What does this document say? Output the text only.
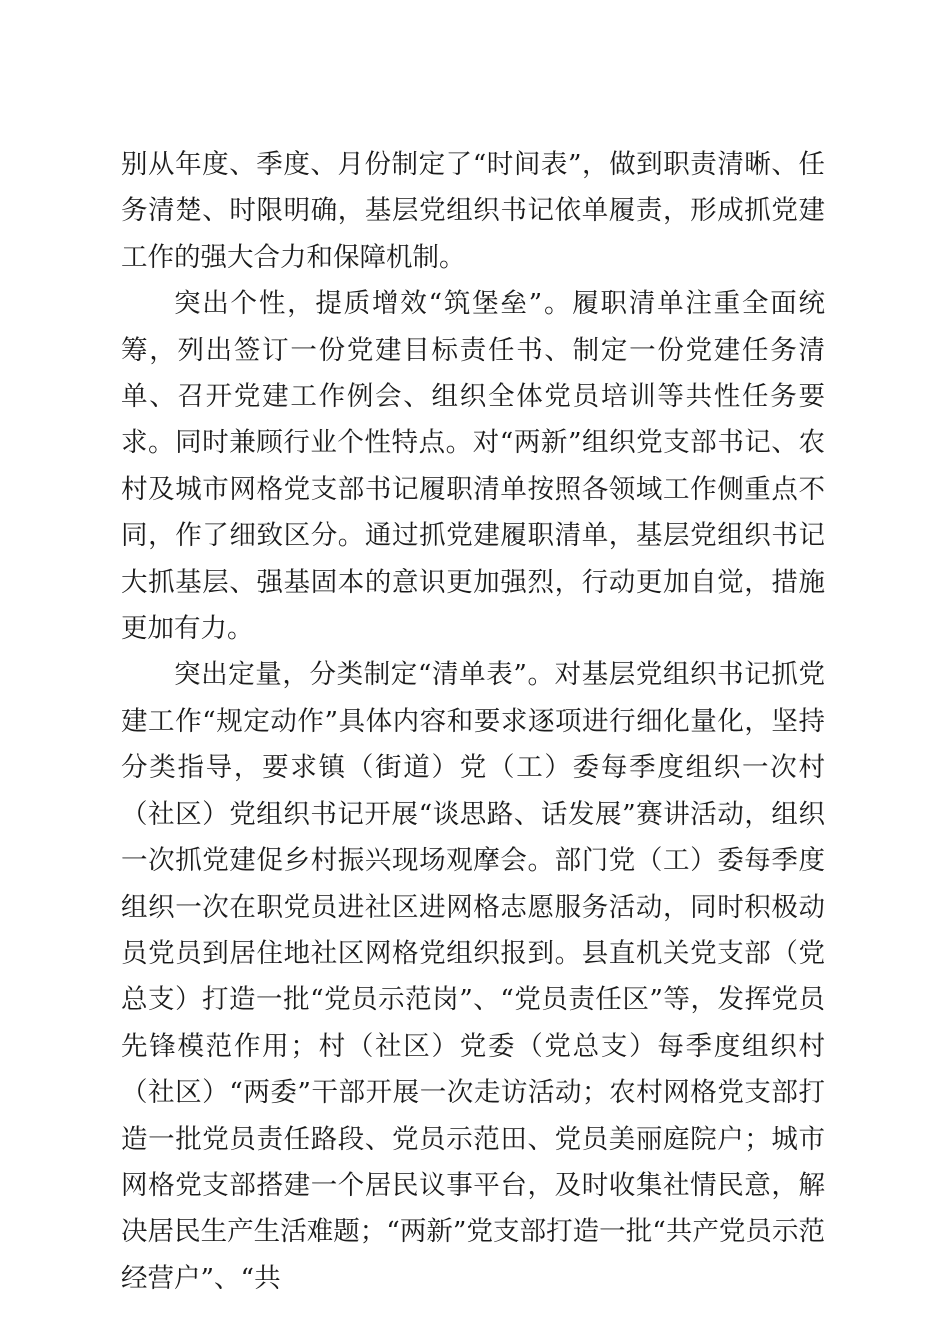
别从年度、季度、月份制定了“时间表”，做到职责清晰、任务清楚、时限明确，基层党组织书记依单履责，形成抓党建工作的强大合力和保障机制。

突出个性，提质增效“筑堡垒”。履职清单注重全面统筹，列出签订一份党建目标责任书、制定一份党建任务清单、召开党建工作例会、组织全体党员培训等共性任务要求。同时兼顾行业个性特点。对“两新”组织党支部书记、农村及城市网格党支部书记履职清单按照各领域工作侧重点不同，作了细致区分。通过抓党建履职清单，基层党组织书记大抓基层、强基固本的意识更加强烈，行动更加自觉，措施更加有力。

突出定量，分类制定“清单表”。对基层党组织书记抓党建工作“规定动作”具体内容和要求逐项进行细化量化，坚持分类指导，要求镇（街道）党（工）委每季度组织一次村（社区）党组织书记开展“谈思路、话发展”赛讲活动，组织一次抓党建促乡村振兴现场观摩会。部门党（工）委每季度组织一次在职党员进社区进网格志愿服务活动，同时积极动员党员到居住地社区网格党组织报到。县直机关党支部（党总支）打造一批“党员示范岗”、“党员责任区”等，发挥党员先锋模范作用；村（社区）党委（党总支）每季度组织村（社区）“两委”干部开展一次走访活动；农村网格党支部打造一批党员责任路段、党员示范田、党员美丽庭院户；城市网格党支部搭建一个居民议事平台，及时收集社情民意，解决居民生产生活难题；“两新”党支部打造一批“共产党员示范经营户”、“共
